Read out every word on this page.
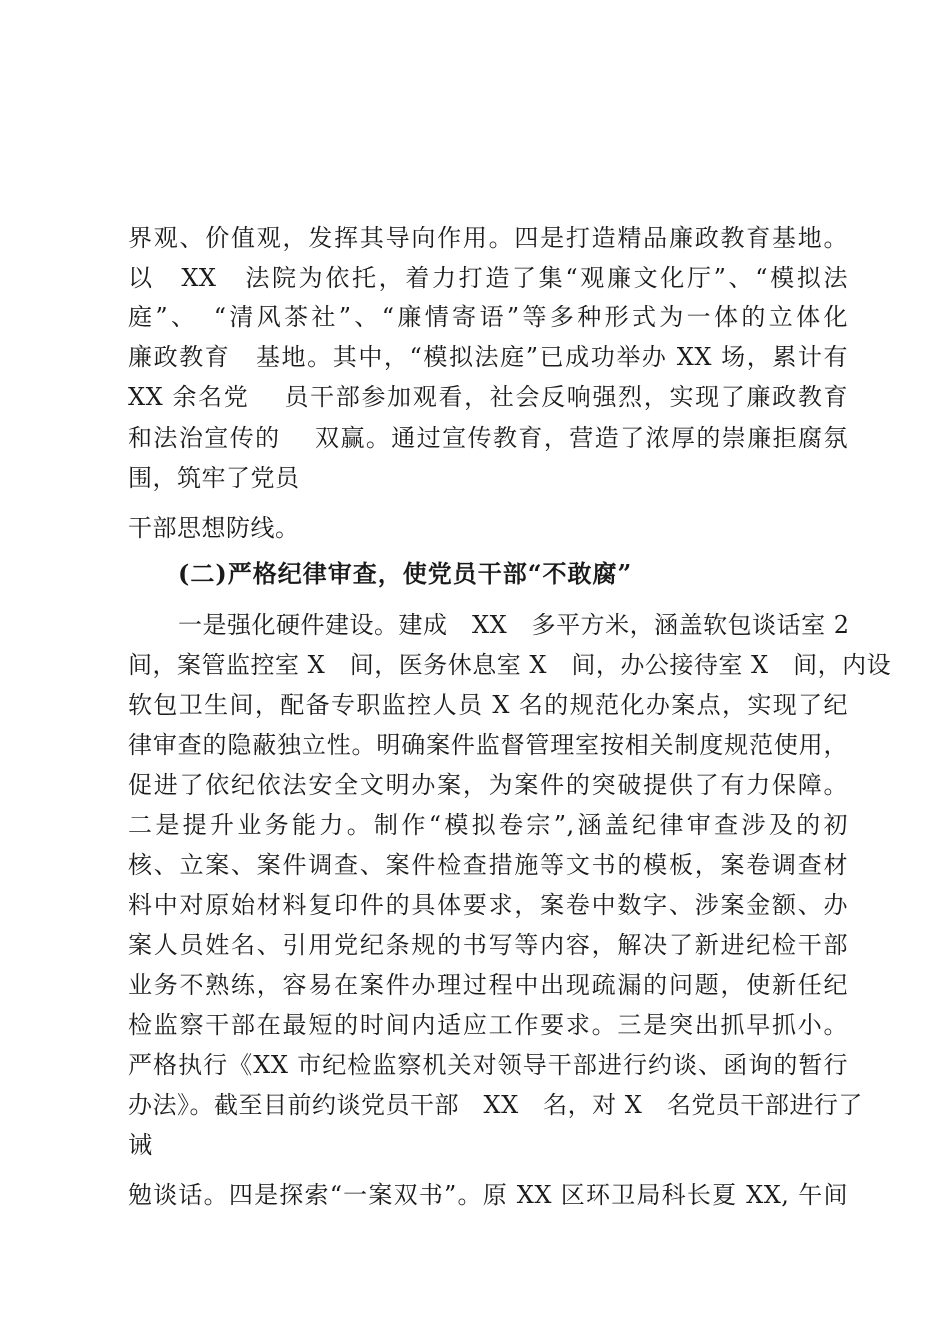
界观、价值观，发挥其导向作用。四是打造精品廉政教育基地。
以　XX　法院为依托，着力打造了集“观廉文化厅”、“模拟法
庭”、　“清风茶社”、“廉情寄语”等多种形式为一体的立体化
廉政教育　基地。其中，“模拟法庭”已成功举办 XX 场，累计有
XX 余名党　 员干部参加观看，社会反响强烈，实现了廉政教育
和法治宣传的　 双赢。通过宣传教育，营造了浓厚的崇廉拒腐氛
围，筑牢了党员
干部思想防线。
(二)严格纪律审查，使党员干部“不敢腐”
一是强化硬件建设。建成　XX　多平方米，涵盖软包谈话室 2
间，案管监控室 X　间，医务休息室 X　间，办公接待室 X　间，内设
软包卫生间，配备专职监控人员 X 名的规范化办案点，实现了纪
律审查的隐蔽独立性。明确案件监督管理室按相关制度规范使用，
促进了依纪依法安全文明办案，为案件的突破提供了有力保障。
二是提升业务能力。制作“模拟卷宗”,涵盖纪律审查涉及的初
核、立案、案件调查、案件检查措施等文书的模板，案卷调查材
料中对原始材料复印件的具体要求，案卷中数字、涉案金额、办
案人员姓名、引用党纪条规的书写等内容，解决了新进纪检干部
业务不熟练，容易在案件办理过程中出现疏漏的问题，使新任纪
检监察干部在最短的时间内适应工作要求。三是突出抓早抓小。
严格执行《XX 市纪检监察机关对领导干部进行约谈、函询的暂行
办法》。截至目前约谈党员干部　XX　名，对 X　名党员干部进行了
诫
勉谈话。四是探索“一案双书”。原 XX 区环卫局科长夏 XX, 午间
